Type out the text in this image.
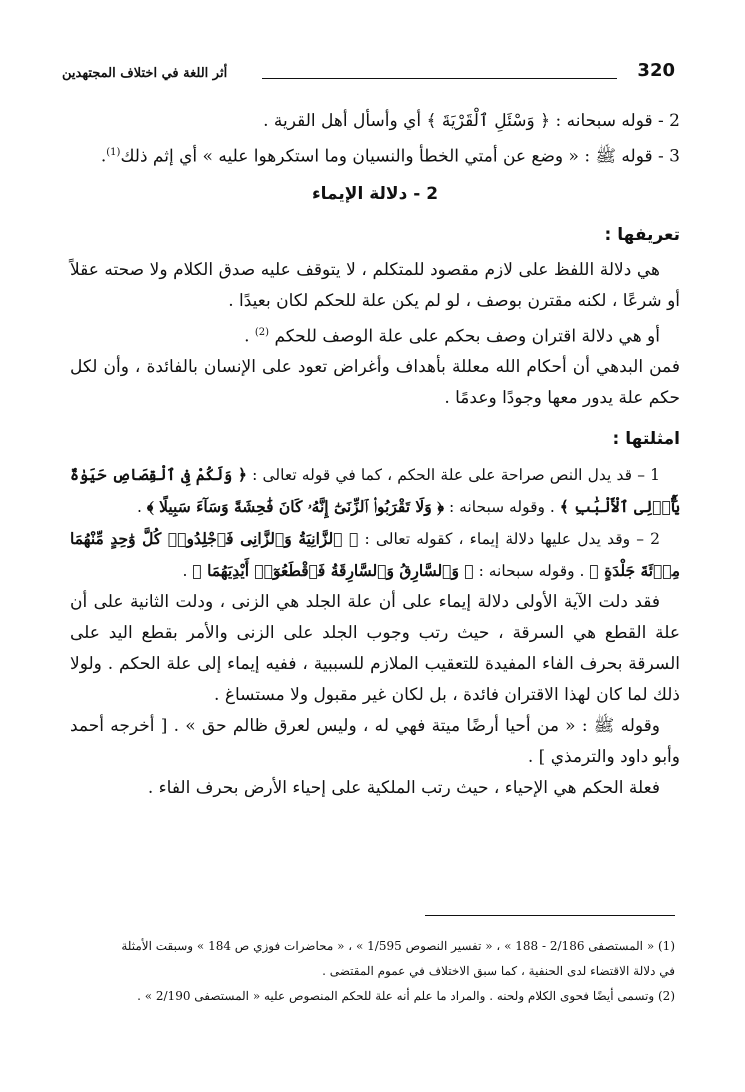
320
أثر اللغة في اختلاف المجتهدين

2 - قوله سبحانه : ﴿ وَسْئَلِ ٱلْقَرْيَةَ ﴾ أي وأسأل أهل القرية .

3 - قوله ﷺ : « وضع عن أمتي الخطأ والنسيان وما استكرهوا عليه » أي إثم ذلك$^{(1)}$.

2 - دلالة الإيماء

تعريفها :

هي دلالة اللفظ على لازم مقصود للمتكلم ، لا يتوقف عليه صدق الكلام ولا صحته عقلاً أو شرعًا ، لكنه مقترن بوصف ، لو لم يكن علة للحكم لكان بعيدًا .

أو هي دلالة اقتران وصف بحكم على علة الوصف للحكم $^{(2)}$ .

فمن البدهي أن أحكام الله معللة بأهداف وأغراض تعود على الإنسان بالفائدة ، وأن لكل حكم علة يدور معها وجودًا وعدمًا .

امثلتها :

1 – قد يدل النص صراحة على علة الحكم ، كما في قوله تعالى : ﴿ وَلَكُمْ فِى ٱلْقِصَاصِ حَيَوٰةٌ يَٰٓأُو۟لِى ٱلْأَلْبَٰبِ ﴾ . وقوله سبحانه : ﴿ وَلَا تَقْرَبُوا۟ ٱلزِّنَىٰٓ إِنَّهُۥ كَانَ فَٰحِشَةً وَسَآءَ سَبِيلًا ﴾ .

2 – وقد يدل عليها دلالة إيماء ، كقوله تعالى : ﴿ ٱلزَّانِيَةُ وَٱلزَّانِى فَٱجْلِدُوا۟ كُلَّ وَٰحِدٍ مِّنْهُمَا مِا۟ئَةَ جَلْدَةٍ ﴾ . وقوله سبحانه : ﴿ وَٱلسَّارِقُ وَٱلسَّارِقَةُ فَٱقْطَعُوٓا۟ أَيْدِيَهُمَا ﴾ .

فقد دلت الآية الأولى دلالة إيماء على أن علة الجلد هي الزنى ، ودلت الثانية على أن علة القطع هي السرقة ، حيث رتب وجوب الجلد على الزنى والأمر بقطع اليد على السرقة بحرف الفاء المفيدة للتعقيب الملازم للسببية ، ففيه إيماء إلى علة الحكم . ولولا ذلك لما كان لهذا الاقتران فائدة ، بل لكان غير مقبول ولا مستساغ .

وقوله ﷺ : « من أحيا أرضًا ميتة فهي له ، وليس لعرق ظالم حق » . [ أخرجه أحمد وأبو داود والترمذي ] .

فعلة الحكم هي الإحياء ، حيث رتب الملكية على إحياء الأرض بحرف الفاء .

(1) « المستصفى 2/186 - 188 » ، « تفسير النصوص 1/595 » ، « محاضرات فوزي ص 184 » وسبقت الأمثلة

في دلالة الاقتضاء لدى الحنفية ، كما سبق الاختلاف في عموم المقتضى .

(2) وتسمى أيضًا فحوى الكلام ولحنه . والمراد ما علم أنه علة للحكم المنصوص عليه « المستصفى 2/190 » .
